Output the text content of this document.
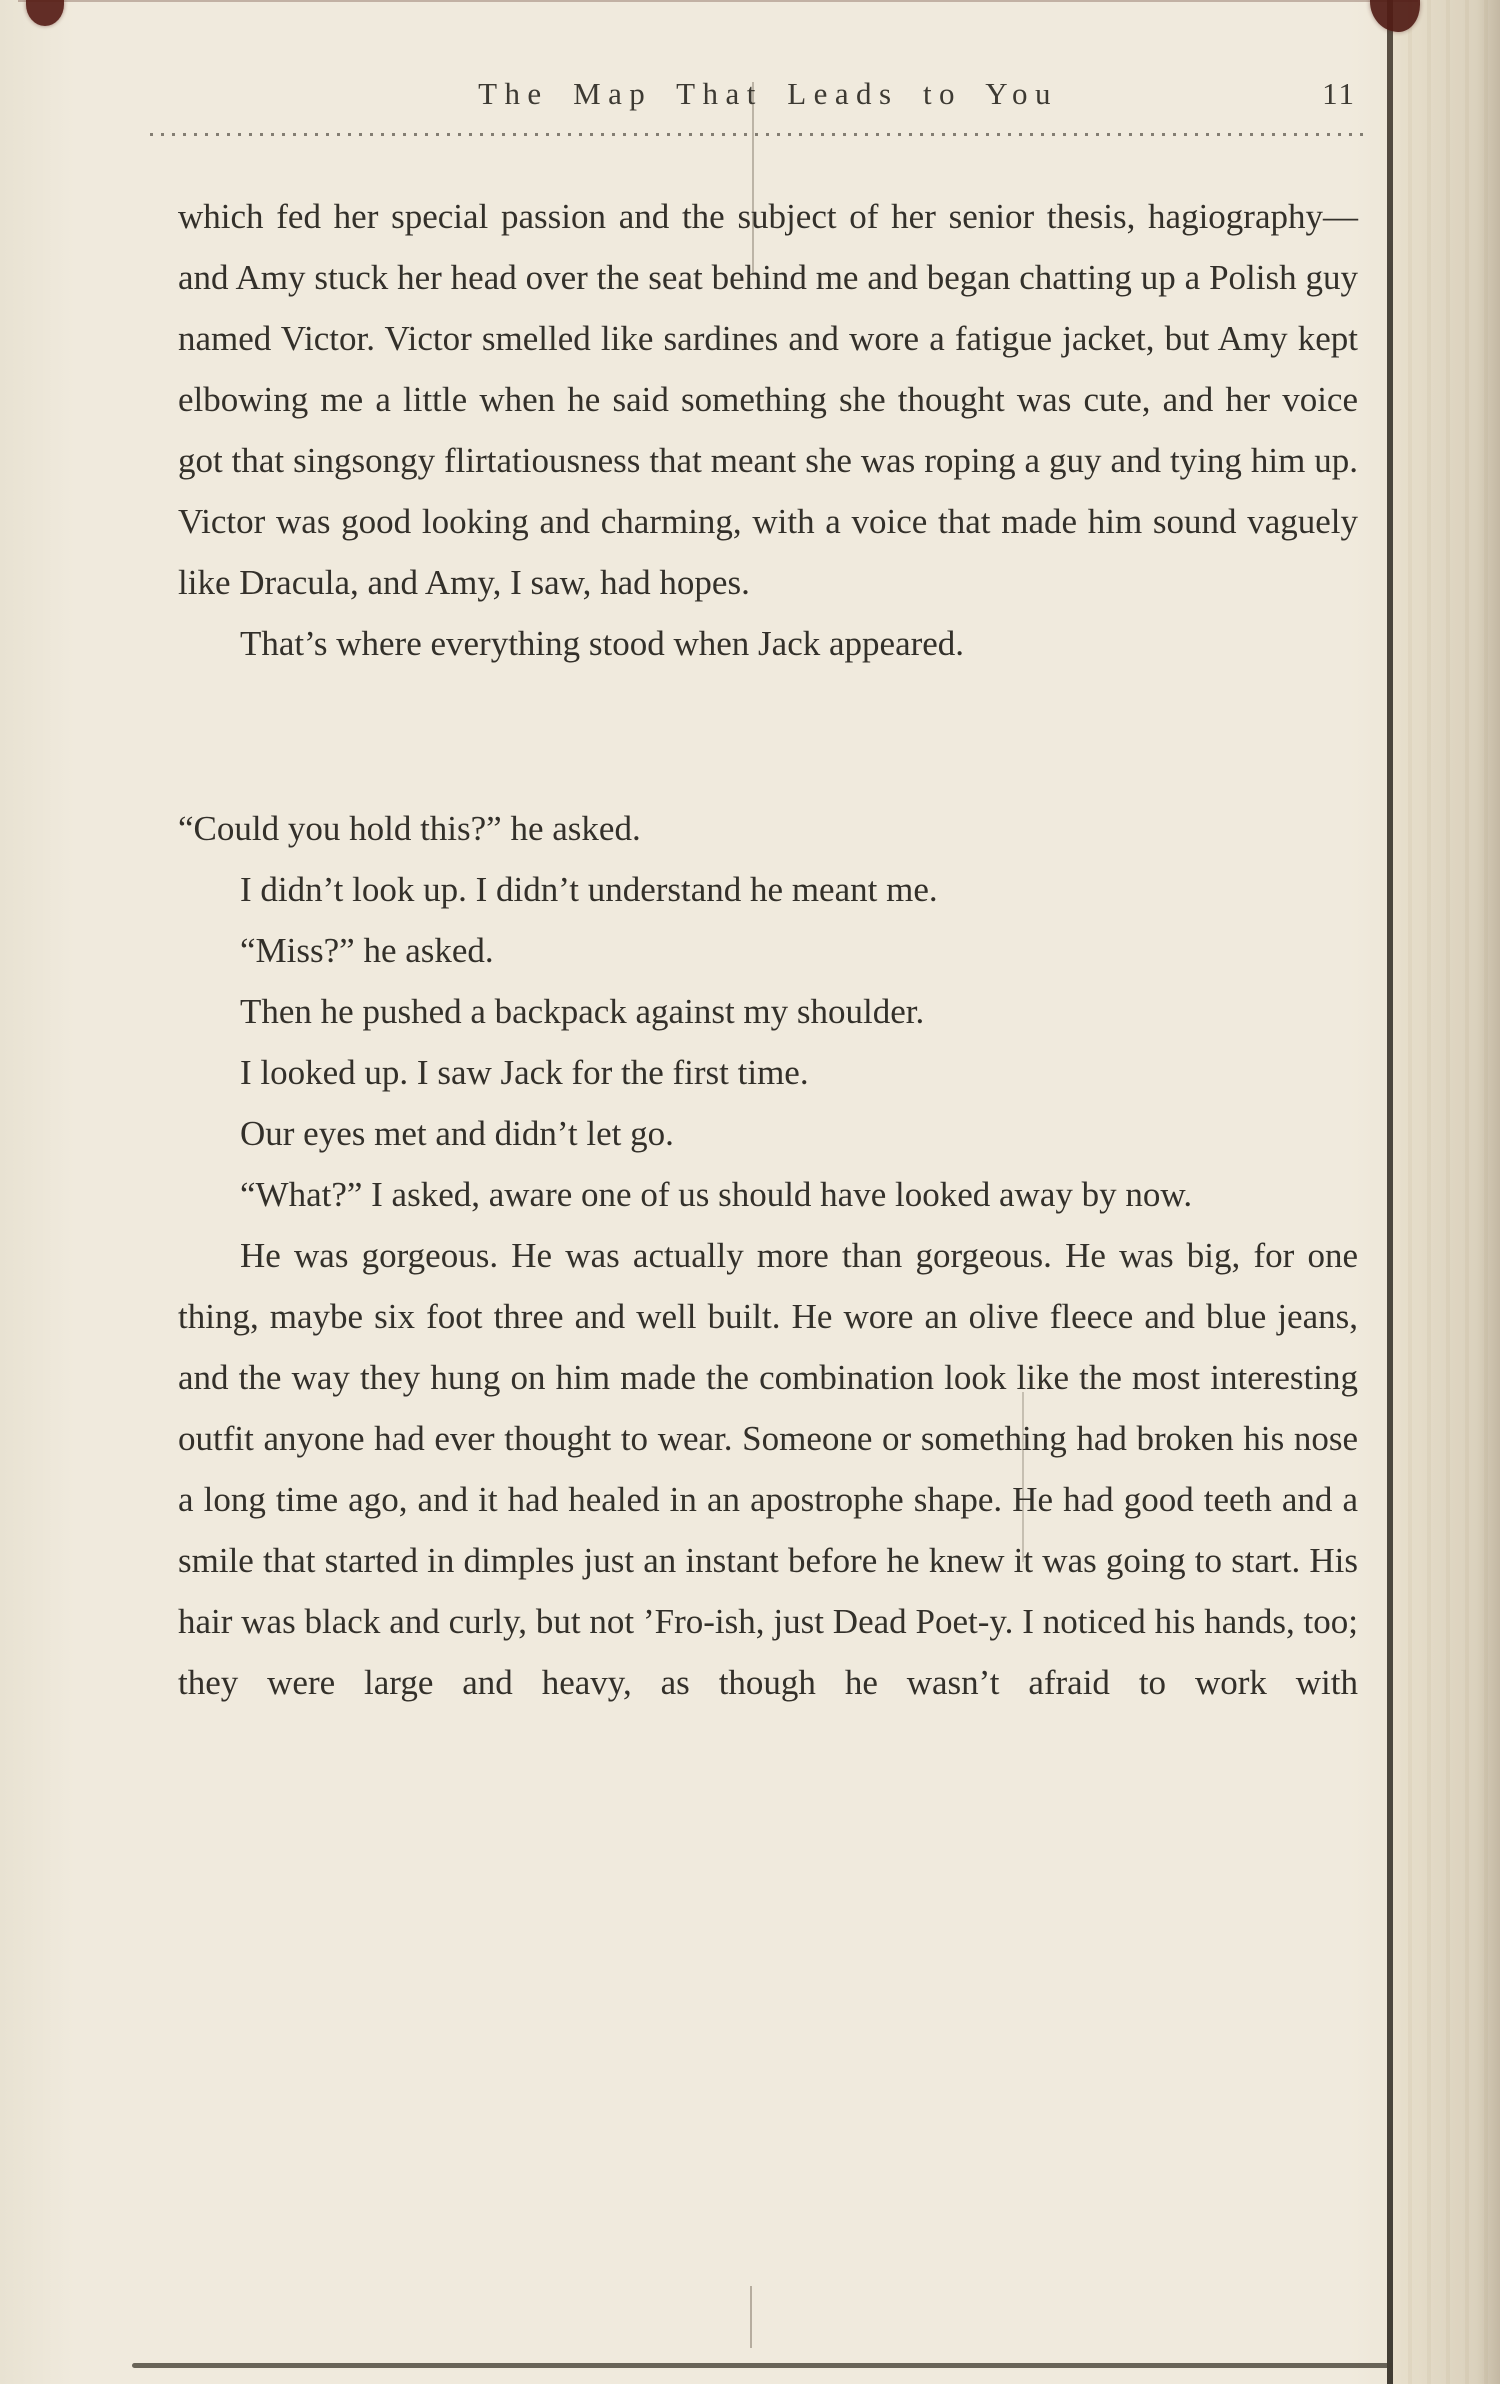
The Map That Leads to You	11

which fed her special passion and the subject of her senior thesis, hagiography—and Amy stuck her head over the seat behind me and began chatting up a Polish guy named Victor. Victor smelled like sardines and wore a fatigue jacket, but Amy kept elbowing me a little when he said something she thought was cute, and her voice got that singsongy flirtatiousness that meant she was roping a guy and tying him up. Victor was good looking and charming, with a voice that made him sound vaguely like Dracula, and Amy, I saw, had hopes.

That’s where everything stood when Jack appeared.

“Could you hold this?” he asked.

I didn’t look up. I didn’t understand he meant me.

“Miss?” he asked.

Then he pushed a backpack against my shoulder.

I looked up. I saw Jack for the first time.

Our eyes met and didn’t let go.

“What?” I asked, aware one of us should have looked away by now.

He was gorgeous. He was actually more than gorgeous. He was big, for one thing, maybe six foot three and well built. He wore an olive fleece and blue jeans, and the way they hung on him made the combination look like the most interesting outfit anyone had ever thought to wear. Someone or something had broken his nose a long time ago, and it had healed in an apostrophe shape. He had good teeth and a smile that started in dimples just an instant before he knew it was going to start. His hair was black and curly, but not ’Fro-ish, just Dead Poet-y. I noticed his hands, too; they were large and heavy, as though he wasn’t afraid to work with
